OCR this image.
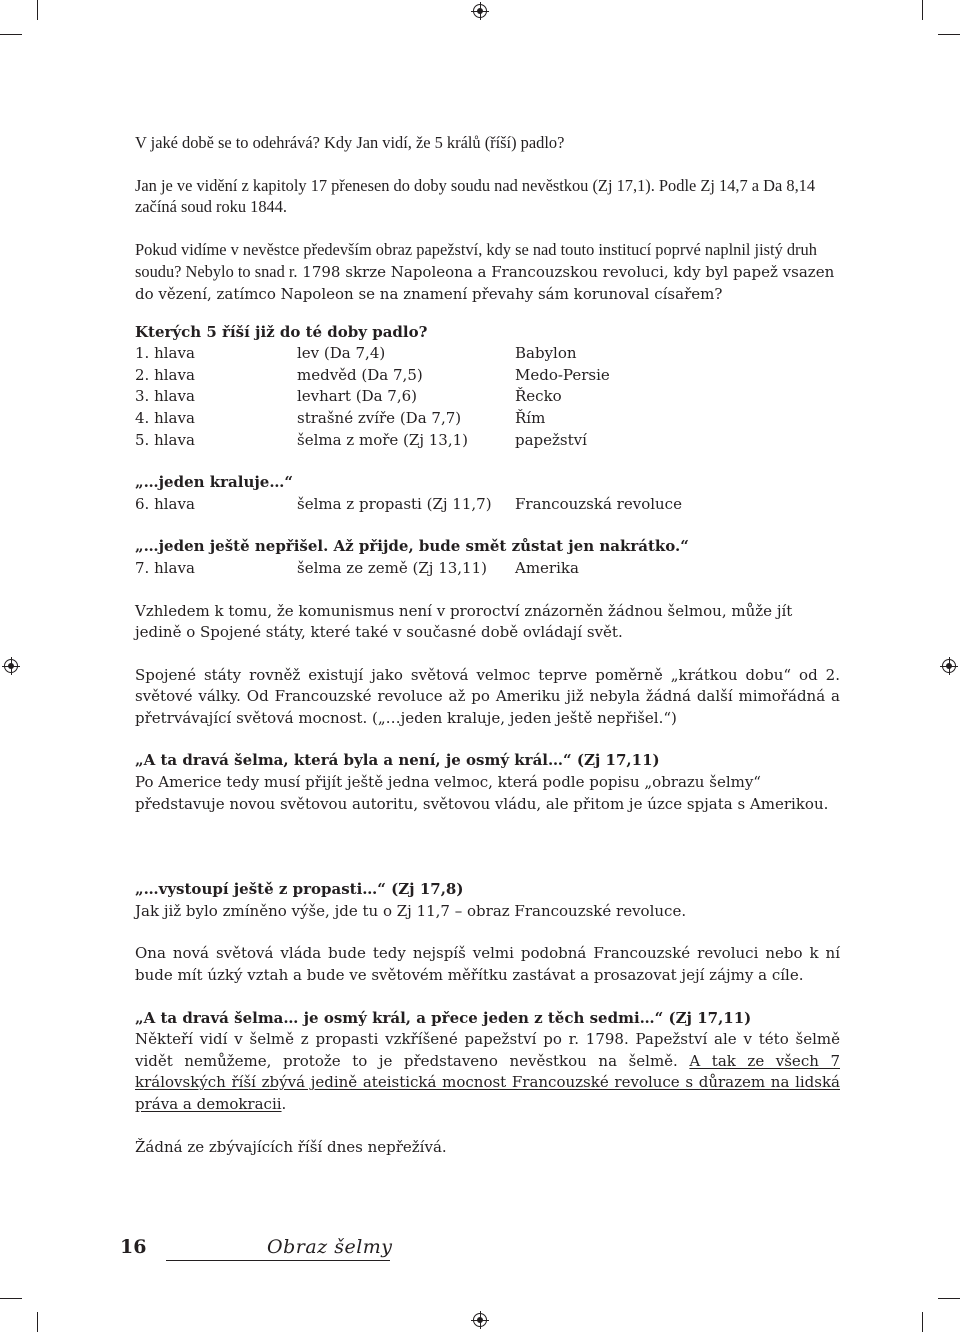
V jaké době se to odehrává? Kdy Jan vidí, že 5 králů (říší) padlo?

Jan je ve vidění z kapitoly 17 přenesen do doby soudu nad nevěstkou (Zj 17,1). Podle Zj 14,7 a Da 8,14 začíná soud roku 1844.

Pokud vidíme v nevěstce především obraz papežství, kdy se nad touto institucí poprvé naplnil jistý druh soudu? Nebylo to snad r. 1798 skrze Napoleona a Francouzskou revoluci, kdy byl papež vsazen do vězení, zatímco Napoleon se na znamení převahy sám korunoval císařem?

Kterých 5 říší již do té doby padlo?

1. hlava	lev (Da 7,4)	Babylon
2. hlava	medvěd (Da 7,5)	Medo-Persie
3. hlava	levhart (Da 7,6)	Řecko
4. hlava	strašné zvíře (Da 7,7)	Řím
5. hlava	šelma z moře (Zj 13,1)	papežství

„…jeden kraluje…“

6. hlava	šelma z propasti (Zj 11,7)	Francouzská revoluce

„…jeden ještě nepřišel. Až přijde, bude smět zůstat jen nakrátko.“

7. hlava	šelma ze země (Zj 13,11)	Amerika

Vzhledem k tomu, že komunismus není v proroctví znázorněn žádnou šelmou, může jít jedině o Spojené státy, které také v současné době ovládají svět.

Spojené státy rovněž existují jako světová velmoc teprve poměrně „krátkou dobu“ od 2. světové války. Od Francouzské revoluce až po Ameriku již nebyla žádná další mimořádná a přetrvávající světová mocnost. („…jeden kraluje, jeden ještě nepřišel.“)

„A ta dravá šelma, která byla a není, je osmý král…“ (Zj 17,11)

Po Americe tedy musí přijít ještě jedna velmoc, která podle popisu „obrazu šelmy“ představuje novou světovou autoritu, světovou vládu, ale přitom je úzce spjata s Amerikou.

„…vystoupí ještě z propasti…“ (Zj 17,8)

Jak již bylo zmíněno výše, jde tu o Zj 11,7 – obraz Francouzské revoluce.

Ona nová světová vláda bude tedy nejspíš velmi podobná Francouzské revoluci nebo k ní bude mít úzký vztah a bude ve světovém měřítku zastávat a prosazovat její zájmy a cíle.

„A ta dravá šelma… je osmý král, a přece jeden z těch sedmi…“ (Zj 17,11)

Někteří vidí v šelmě z propasti vzkříšené papežství po r. 1798. Papežství ale v této šelmě vidět nemůžeme, protože to je představeno nevěstkou na šelmě. A tak ze všech 7 královských říší zbývá jedině ateistická mocnost Francouzské revoluce s důrazem na lidská práva a demokracii.

Žádná ze zbývajících říší dnes nepřežívá.

16	Obraz šelmy
